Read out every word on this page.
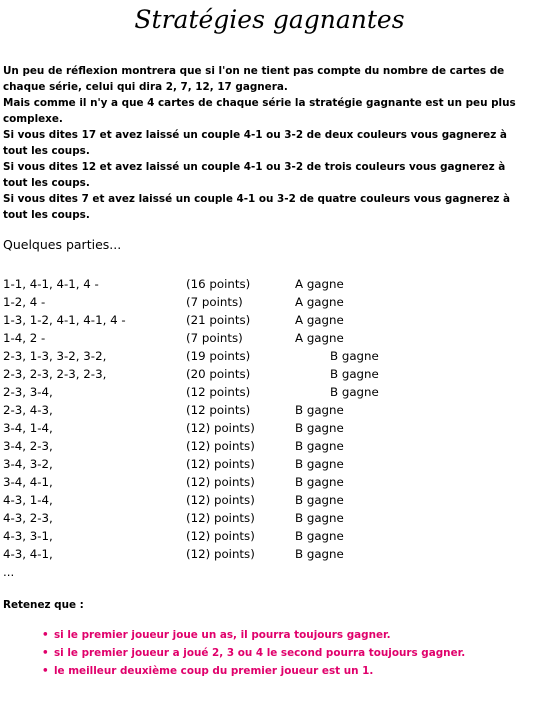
Stratégies gagnantes

Un peu de réflexion montrera que si l'on ne tient pas compte du nombre de cartes de chaque série, celui qui dira 2, 7, 12, 17 gagnera.

Mais comme il n'y a que 4 cartes de chaque série la stratégie gagnante est un peu plus complexe.

Si vous dites 17 et avez laissé un couple 4-1 ou 3-2 de deux couleurs vous gagnerez à tout les coups.

Si vous dites 12 et avez laissé un couple 4-1 ou 3-2 de trois couleurs vous gagnerez à tout les coups.

Si vous dites 7 et avez laissé un couple 4-1 ou 3-2 de quatre couleurs vous gagnerez à tout les coups.

Quelques parties...
1-1, 4-1, 4-1, 4 -	(16 points)	A gagne
1-2, 4 -	(7 points)	A gagne
1-3, 1-2, 4-1, 4-1, 4 -	(21 points)	A gagne
1-4, 2 -	(7 points)	A gagne
2-3, 1-3, 3-2, 3-2,	(19 points)	B gagne
2-3, 2-3, 2-3, 2-3,	(20 points)	B gagne
2-3, 3-4,	(12 points)	B gagne
2-3, 4-3,	(12 points)	B gagne
3-4, 1-4,	(12) points)	B gagne
3-4, 2-3,	(12) points)	B gagne
3-4, 3-2,	(12) points)	B gagne
3-4, 4-1,	(12) points)	B gagne
4-3, 1-4,	(12) points)	B gagne
4-3, 2-3,	(12) points)	B gagne
4-3, 3-1,	(12) points)	B gagne
4-3, 4-1,	(12) points)	B gagne
...
Retenez que :
• si le premier joueur joue un as, il pourra toujours gagner.
• si le premier joueur a joué 2, 3 ou 4 le second pourra toujours gagner.
• le meilleur deuxième coup du premier joueur est un 1.
